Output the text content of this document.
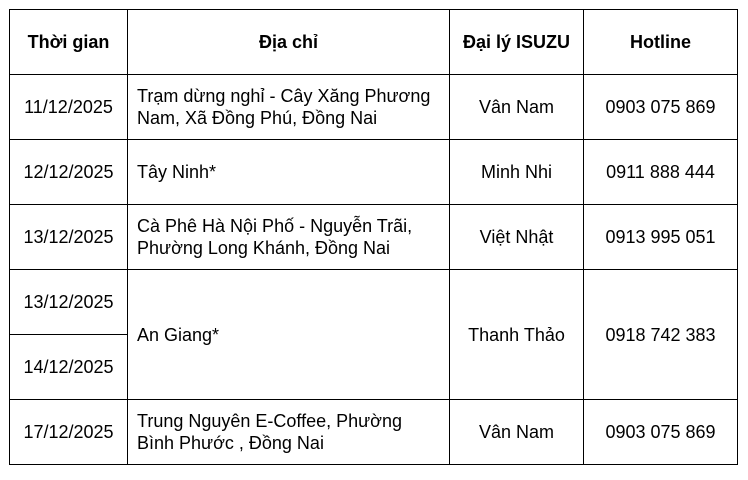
Thời gian	Địa chỉ	Đại lý ISUZU	Hotline
11/12/2025	Trạm dừng nghỉ - Cây Xăng Phương Nam, Xã Đồng Phú, Đồng Nai	Vân Nam	0903 075 869
12/12/2025	Tây Ninh*	Minh Nhi	0911 888 444
13/12/2025	Cà Phê Hà Nội Phố - Nguyễn Trãi, Phường Long Khánh, Đồng Nai	Việt Nhật	0913 995 051
13/12/2025	An Giang*	Thanh Thảo	0918 742 383
14/12/2025			
17/12/2025	Trung Nguyên E-Coffee, Phường Bình Phước , Đồng Nai	Vân Nam	0903 075 869
